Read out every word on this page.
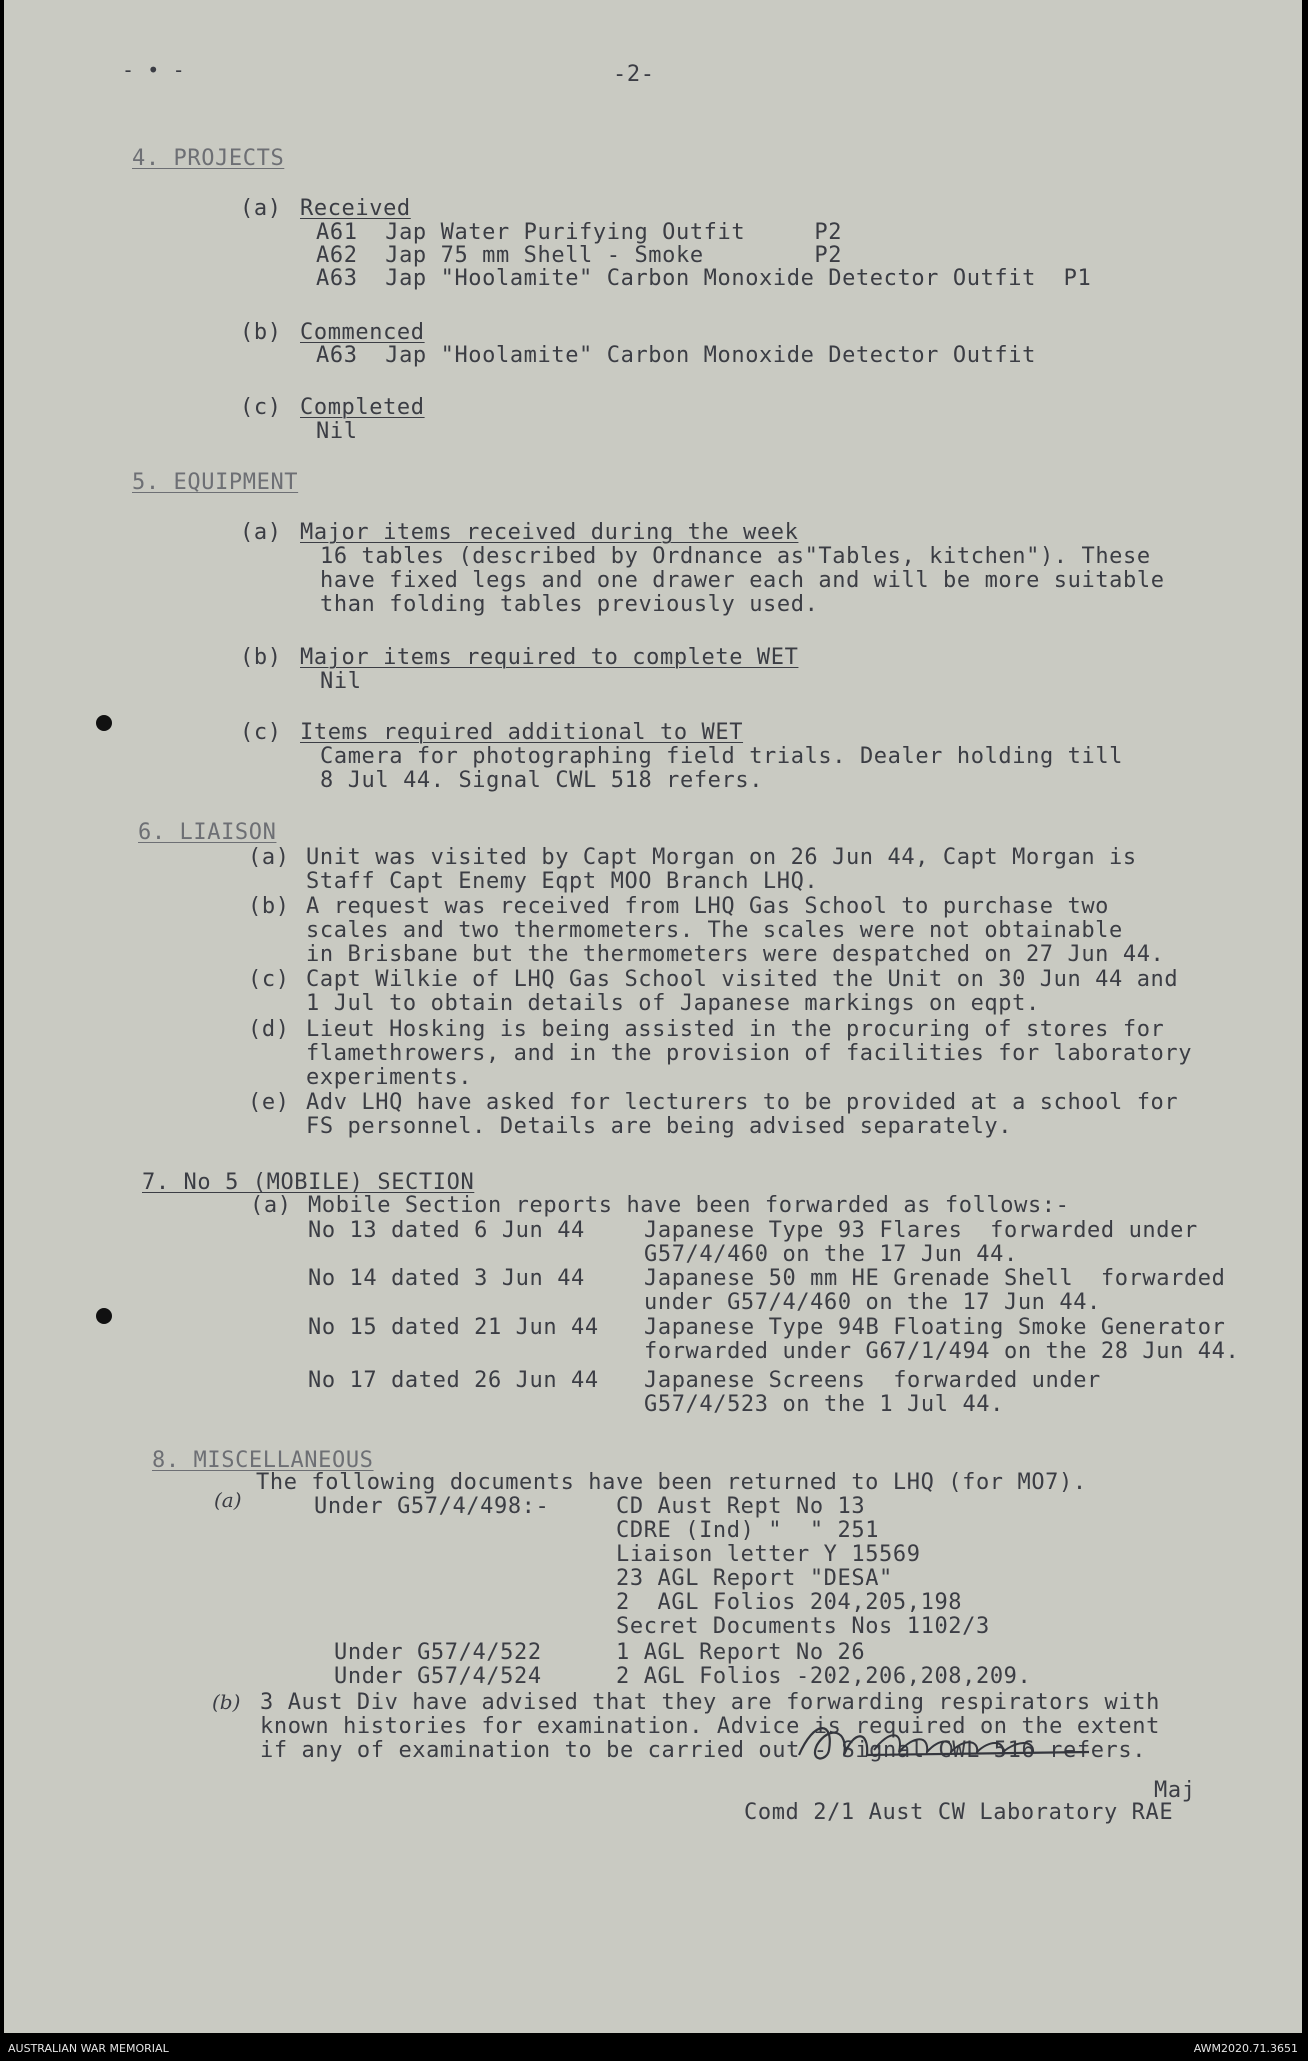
- • -	-2-
4. PROJECTS
(a) Received
A61  Jap Water Purifying Outfit     P2
A62  Jap 75 mm Shell - Smoke        P2
A63  Jap "Hoolamite" Carbon Monoxide Detector Outfit  P1
(b) Commenced
A63  Jap "Hoolamite" Carbon Monoxide Detector Outfit
(c) Completed
Nil
5. EQUIPMENT
(a) Major items received during the week
16 tables (described by Ordnance as"Tables, kitchen"). These
have fixed legs and one drawer each and will be more suitable
than folding tables previously used.
(b) Major items required to complete WET
Nil
(c) Items required additional to WET
Camera for photographing field trials. Dealer holding till
8 Jul 44. Signal CWL 518 refers.
6. LIAISON
(a) Unit was visited by Capt Morgan on 26 Jun 44, Capt Morgan is
Staff Capt Enemy Eqpt MOO Branch LHQ.
(b) A request was received from LHQ Gas School to purchase two
scales and two thermometers. The scales were not obtainable
in Brisbane but the thermometers were despatched on 27 Jun 44.
(c) Capt Wilkie of LHQ Gas School visited the Unit on 30 Jun 44 and
1 Jul to obtain details of Japanese markings on eqpt.
(d) Lieut Hosking is being assisted in the procuring of stores for
flamethrowers, and in the provision of facilities for laboratory
experiments.
(e) Adv LHQ have asked for lecturers to be provided at a school for
FS personnel. Details are being advised separately.
7. No 5 (MOBILE) SECTION
(a) Mobile Section reports have been forwarded as follows:-
No 13 dated 6 Jun 44	Japanese Type 93 Flares  forwarded under
G57/4/460 on the 17 Jun 44.
No 14 dated 3 Jun 44	Japanese 50 mm HE Grenade Shell  forwarded
under G57/4/460 on the 17 Jun 44.
No 15 dated 21 Jun 44 Japanese Type 94B Floating Smoke Generator
forwarded under G67/1/494 on the 28 Jun 44.
No 17 dated 26 Jun 44 Japanese Screens  forwarded under
G57/4/523 on the 1 Jul 44.
8. MISCELLANEOUS
(a)
The following documents have been returned to LHQ (for MO7).
Under G57/4/498:-	CD Aust Rept No 13
CDRE (Ind) "  " 251
Liaison letter Y 15569
23 AGL Report "DESA"
2  AGL Folios 204,205,198
Secret Documents Nos 1102/3
Under G57/4/522	1 AGL Report No 26
Under G57/4/524	2 AGL Folios -202,206,208,209.
(b) 3 Aust Div have advised that they are forwarding respirators with
known histories for examination. Advice is required on the extent
if any of examination to be carried out - Signal CWL 516 refers.
Maj
Comd 2/1 Aust CW Laboratory RAE
AUSTRALIAN WAR MEMORIAL	AWM2020.71.3651
